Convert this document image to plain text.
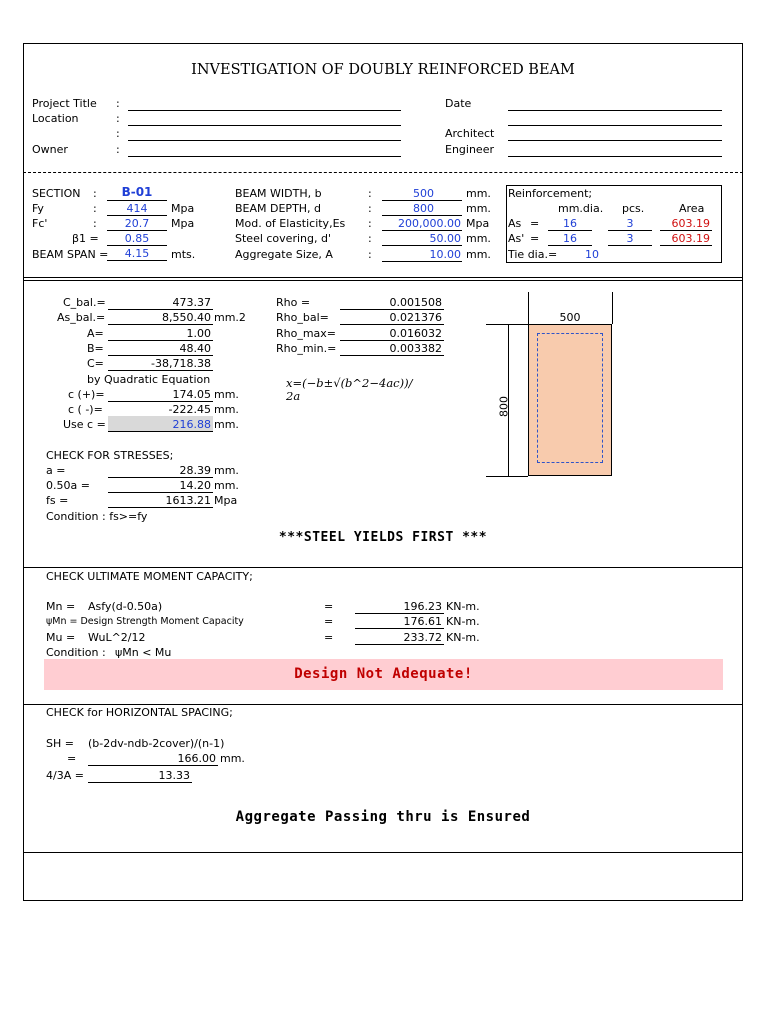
INVESTIGATION OF DOUBLY REINFORCED BEAM
Project Title :
Location	:
:
Owner	:
Date
Architect
Engineer
SECTION :	B-01
Fy	:	414	Mpa
Fc'	:	20.7	Mpa
β1 =	0.85
BEAM SPAN =	4.15	mts.
BEAM WIDTH, b	:	500	mm.
BEAM DEPTH, d	:	800	mm.
Mod. of Elasticity,Es :	200,000.00 Mpa
Steel covering, d'	:	50.00 mm.
Aggregate Size, A	:	10.00 mm.
Reinforcement;
mm.dia. pcs.	Area
As =	16	3	603.19
As' =	16	3	603.19
Tie dia.=	10
C_bal.=	473.37
As_bal.=	8,550.40 mm.2
A=	1.00
B=	48.40
C=	-38,718.38
by Quadratic Equation
c (+)=	174.05 mm.
c ( -)=	-222.45 mm.
Use c =	216.88 mm.
Rho =	0.001508
Rho_bal=	0.021376
Rho_max=	0.016032
Rho_min.=	0.003382
x=(−b±√(b^2−4ac))/
2a
500
800
CHECK FOR STRESSES;
a =	28.39 mm.
0.50a =	14.20 mm.
fs =	1613.21 Mpa
Condition : fs>=fy
***STEEL YIELDS FIRST ***
CHECK ULTIMATE MOMENT CAPACITY;
Mn = Asfy(d-0.50a)	=	196.23 KN-m.
ψMn = Design Strength Moment Capacity	=	176.61 KN-m.
Mu = WuL^2/12	=	233.72 KN-m.
Condition : ψMn < Mu
Design Not Adequate!
CHECK for HORIZONTAL SPACING;
SH = (b-2dv-ndb-2cover)/(n-1)
=	166.00 mm.
4/3A =	13.33
Aggregate Passing thru is Ensured
